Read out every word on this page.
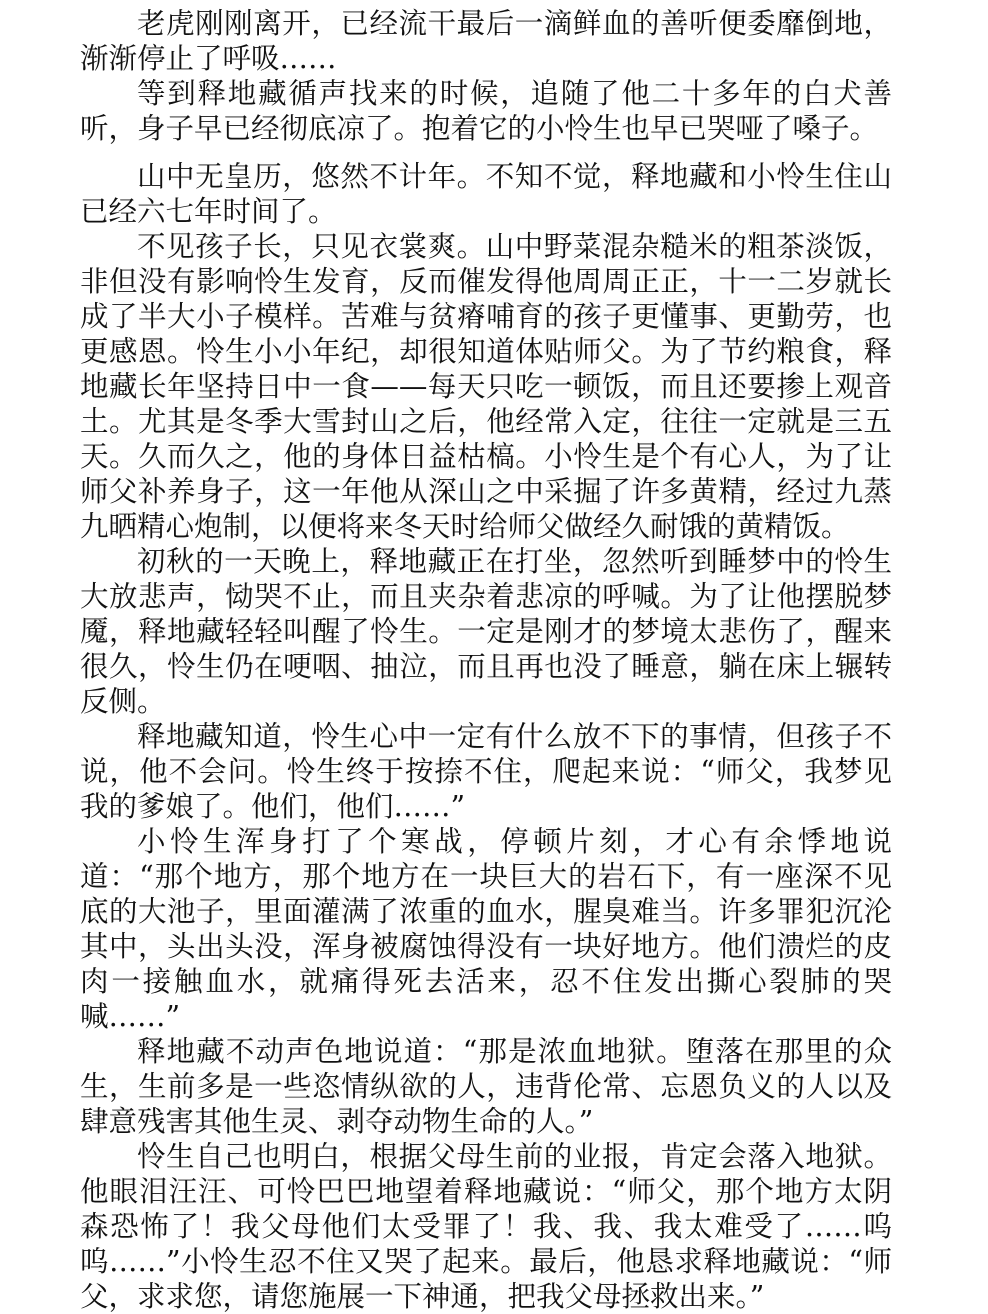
老虎刚刚离开，已经流干最后一滴鲜血的善听便委靡倒地，渐渐停止了呼吸……

等到释地藏循声找来的时候，追随了他二十多年的白犬善听，身子早已经彻底凉了。抱着它的小怜生也早已哭哑了嗓子。

山中无皇历，悠然不计年。不知不觉，释地藏和小怜生住山已经六七年时间了。

不见孩子长，只见衣裳爽。山中野菜混杂糙米的粗茶淡饭，非但没有影响怜生发育，反而催发得他周周正正，十一二岁就长成了半大小子模样。苦难与贫瘠哺育的孩子更懂事、更勤劳，也更感恩。怜生小小年纪，却很知道体贴师父。为了节约粮食，释地藏长年坚持日中一食——每天只吃一顿饭，而且还要掺上观音土。尤其是冬季大雪封山之后，他经常入定，往往一定就是三五天。久而久之，他的身体日益枯槁。小怜生是个有心人，为了让师父补养身子，这一年他从深山之中采掘了许多黄精，经过九蒸九晒精心炮制，以便将来冬天时给师父做经久耐饿的黄精饭。

初秋的一天晚上，释地藏正在打坐，忽然听到睡梦中的怜生大放悲声，恸哭不止，而且夹杂着悲凉的呼喊。为了让他摆脱梦魇，释地藏轻轻叫醒了怜生。一定是刚才的梦境太悲伤了，醒来很久，怜生仍在哽咽、抽泣，而且再也没了睡意，躺在床上辗转反侧。

释地藏知道，怜生心中一定有什么放不下的事情，但孩子不说，他不会问。怜生终于按捺不住，爬起来说：“师父，我梦见我的爹娘了。他们，他们……”

小怜生浑身打了个寒战，停顿片刻，才心有余悸地说道：“那个地方，那个地方在一块巨大的岩石下，有一座深不见底的大池子，里面灌满了浓重的血水，腥臭难当。许多罪犯沉沦其中，头出头没，浑身被腐蚀得没有一块好地方。他们溃烂的皮肉一接触血水，就痛得死去活来，忍不住发出撕心裂肺的哭喊……”

释地藏不动声色地说道：“那是浓血地狱。堕落在那里的众生，生前多是一些恣情纵欲的人，违背伦常、忘恩负义的人以及肆意残害其他生灵、剥夺动物生命的人。”

怜生自己也明白，根据父母生前的业报，肯定会落入地狱。他眼泪汪汪、可怜巴巴地望着释地藏说：“师父，那个地方太阴森恐怖了！我父母他们太受罪了！我、我、我太难受了……呜呜……”小怜生忍不住又哭了起来。最后，他恳求释地藏说：“师父，求求您，请您施展一下神通，把我父母拯救出来。”
